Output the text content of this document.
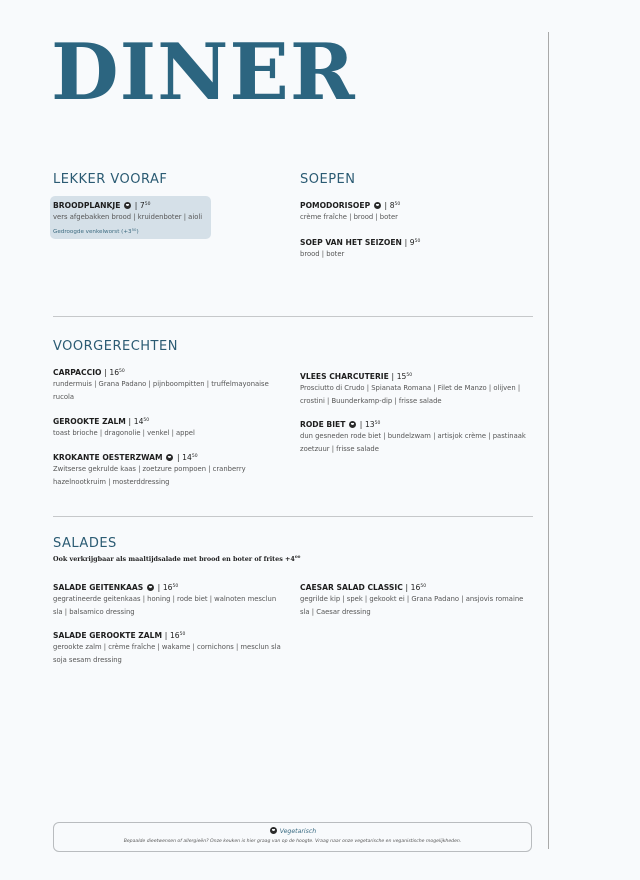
DINER
LEKKER VOORAF
BROODPLANKJE | $7^{50}$
vers afgebakken brood | kruidenboter | aioli
Gedroogde venkelworst $(+3^{50})$
SOEPEN
POMODORISOEP | $8^{50}$
crème fraîche | brood | boter
SOEP VAN HET SEIZOEN | $9^{50}$
brood | boter
VOORGERECHTEN
CARPACCIO | $16^{50}$
rundermuis | Grana Padano | pijnboompitten | truffelmayonaise rucola
GEROOKTE ZALM | $14^{50}$
toast brioche | dragonolie | venkel | appel
KROKANTE OESTERZWAM | $14^{50}$
Zwitserse gekrulde kaas | zoetzure pompoen | cranberry hazelnootkruim | mosterddressing
VLEES CHARCUTERIE | $15^{50}$
Prosciutto di Crudo | Spianata Romana | Filet de Manzo | olijven | crostini | Buunderkamp-dip | frisse salade
RODE BIET | $13^{50}$
dun gesneden rode biet | bundelzwam | artisjok crème | pastinaak zoetzuur | frisse salade
SALADES
Ook verkrijgbaar als maaltijdsalade met brood en boter of frites $+4^{00}$
SALADE GEITENKAAS | $16^{50}$
gegratineerde geitenkaas | honing | rode biet | walnoten mesclun sla | balsamico dressing
SALADE GEROOKTE ZALM | $16^{50}$
gerookte zalm | crème fraîche | wakame | cornichons | mesclun sla soja sesam dressing
CAESAR SALAD CLASSIC | $16^{50}$
gegrilde kip | spek | gekookt ei | Grana Padano | ansjovis romaine sla | Caesar dressing
Vegetarisch
Bepaalde dieetwensen of allergieën? Onze keuken is hier graag van op de hoogte. Vraag naar onze vegetarische en veganistische mogelijkheden.
